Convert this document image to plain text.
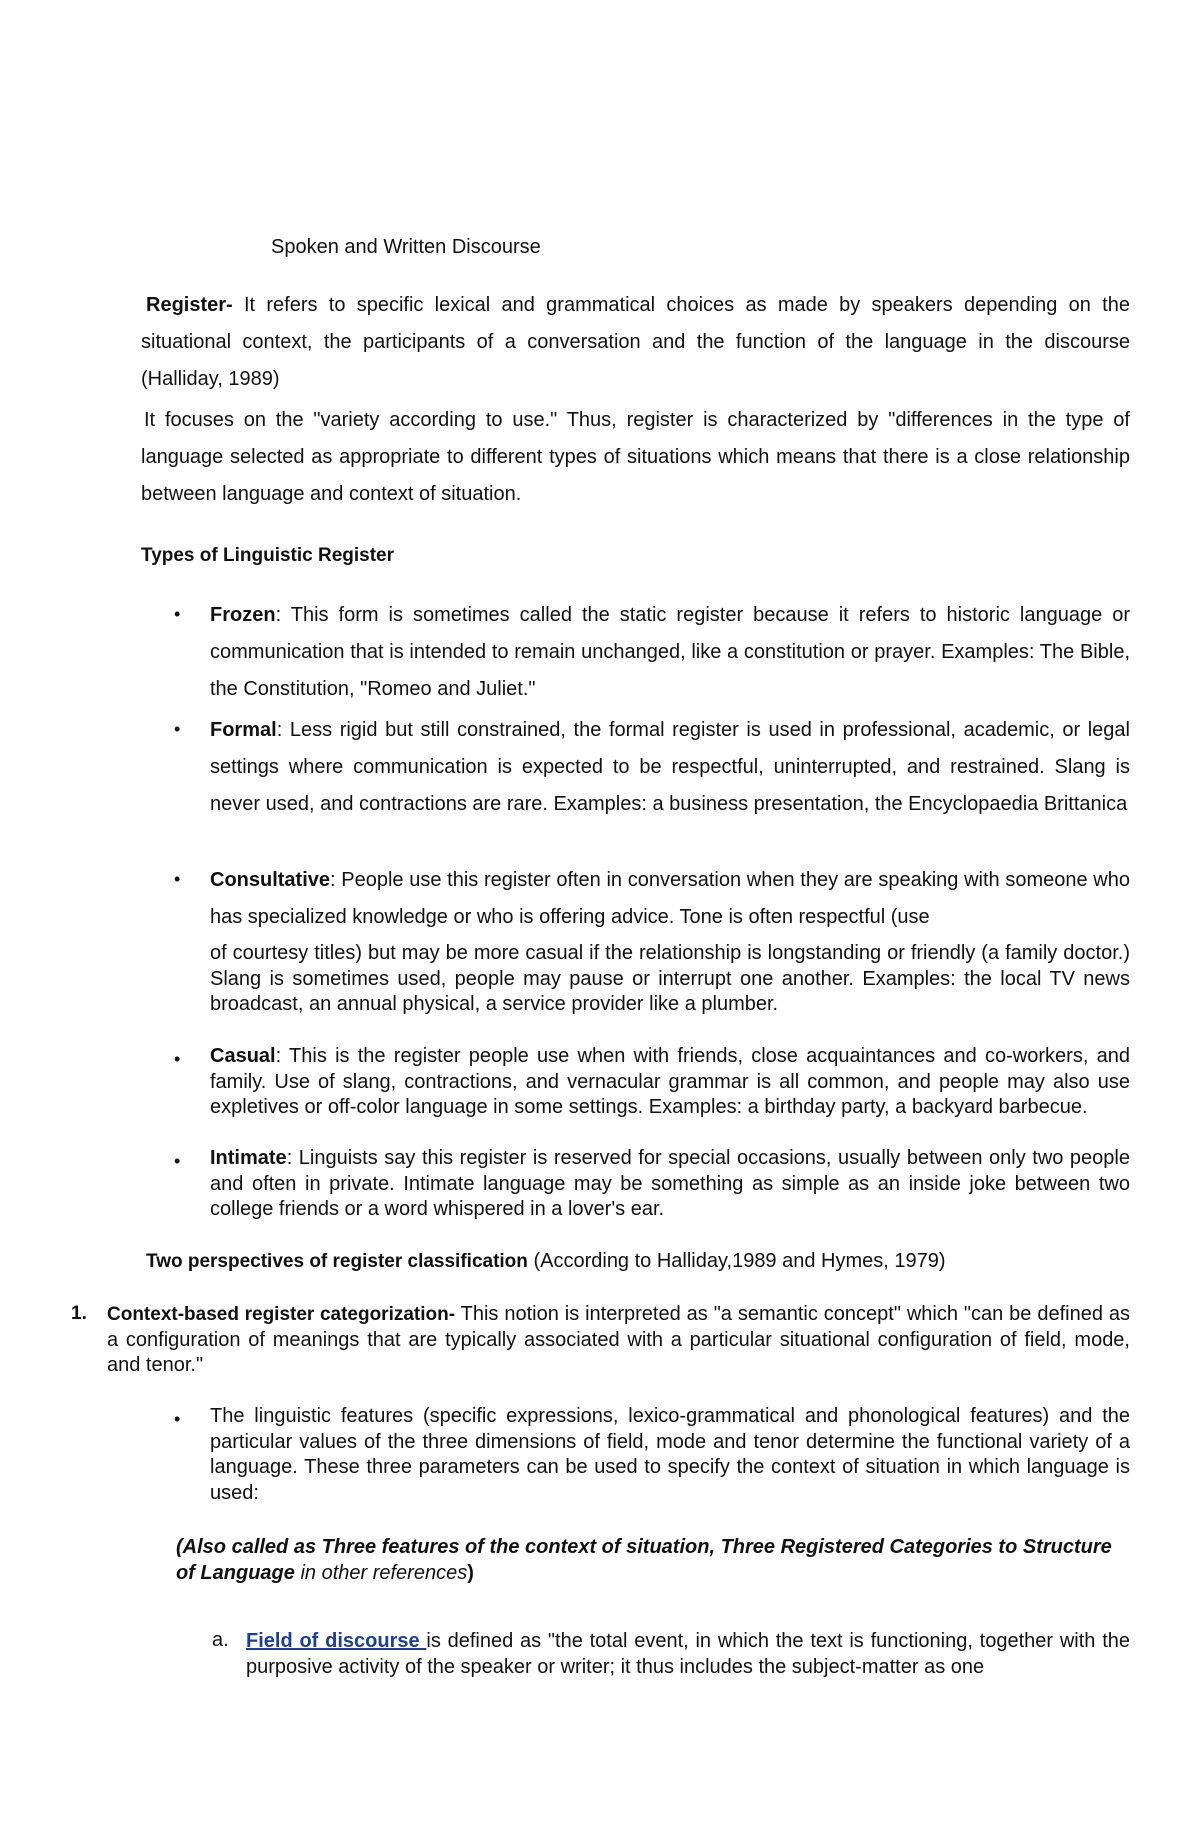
Spoken and Written Discourse
Register- It refers to specific lexical and grammatical choices as made by speakers depending on the situational context, the participants of a conversation and the function of the language in the discourse (Halliday, 1989)
It focuses on the "variety according to use." Thus, register is characterized by "differences in the type of language selected as appropriate to different types of situations which means that there is a close relationship between language and context of situation.
Types of Linguistic Register
• Frozen: This form is sometimes called the static register because it refers to historic language or communication that is intended to remain unchanged, like a constitution or prayer. Examples: The Bible, the Constitution, "Romeo and Juliet."
• Formal: Less rigid but still constrained, the formal register is used in professional, academic, or legal settings where communication is expected to be respectful, uninterrupted, and restrained. Slang is never used, and contractions are rare. Examples: a business presentation, the Encyclopaedia Brittanica
• Consultative: People use this register often in conversation when they are speaking with someone who has specialized knowledge or who is offering advice. Tone is often respectful (use
of courtesy titles) but may be more casual if the relationship is longstanding or friendly (a family doctor.) Slang is sometimes used, people may pause or interrupt one another. Examples: the local TV news broadcast, an annual physical, a service provider like a plumber.
• Casual: This is the register people use when with friends, close acquaintances and co-workers, and family. Use of slang, contractions, and vernacular grammar is all common, and people may also use expletives or off-color language in some settings. Examples: a birthday party, a backyard barbecue.
• Intimate: Linguists say this register is reserved for special occasions, usually between only two people and often in private. Intimate language may be something as simple as an inside joke between two college friends or a word whispered in a lover's ear.
Two perspectives of register classification (According to Halliday,1989 and Hymes, 1979)
1. Context-based register categorization- This notion is interpreted as "a semantic concept" which "can be defined as a configuration of meanings that are typically associated with a particular situational configuration of field, mode, and tenor."
• The linguistic features (specific expressions, lexico-grammatical and phonological features) and the particular values of the three dimensions of field, mode and tenor determine the functional variety of a language. These three parameters can be used to specify the context of situation in which language is used:
(Also called as Three features of the context of situation, Three Registered Categories to Structure of Language in other references)
a. Field of discourse is defined as "the total event, in which the text is functioning, together with the purposive activity of the speaker or writer; it thus includes the subject-matter as one
